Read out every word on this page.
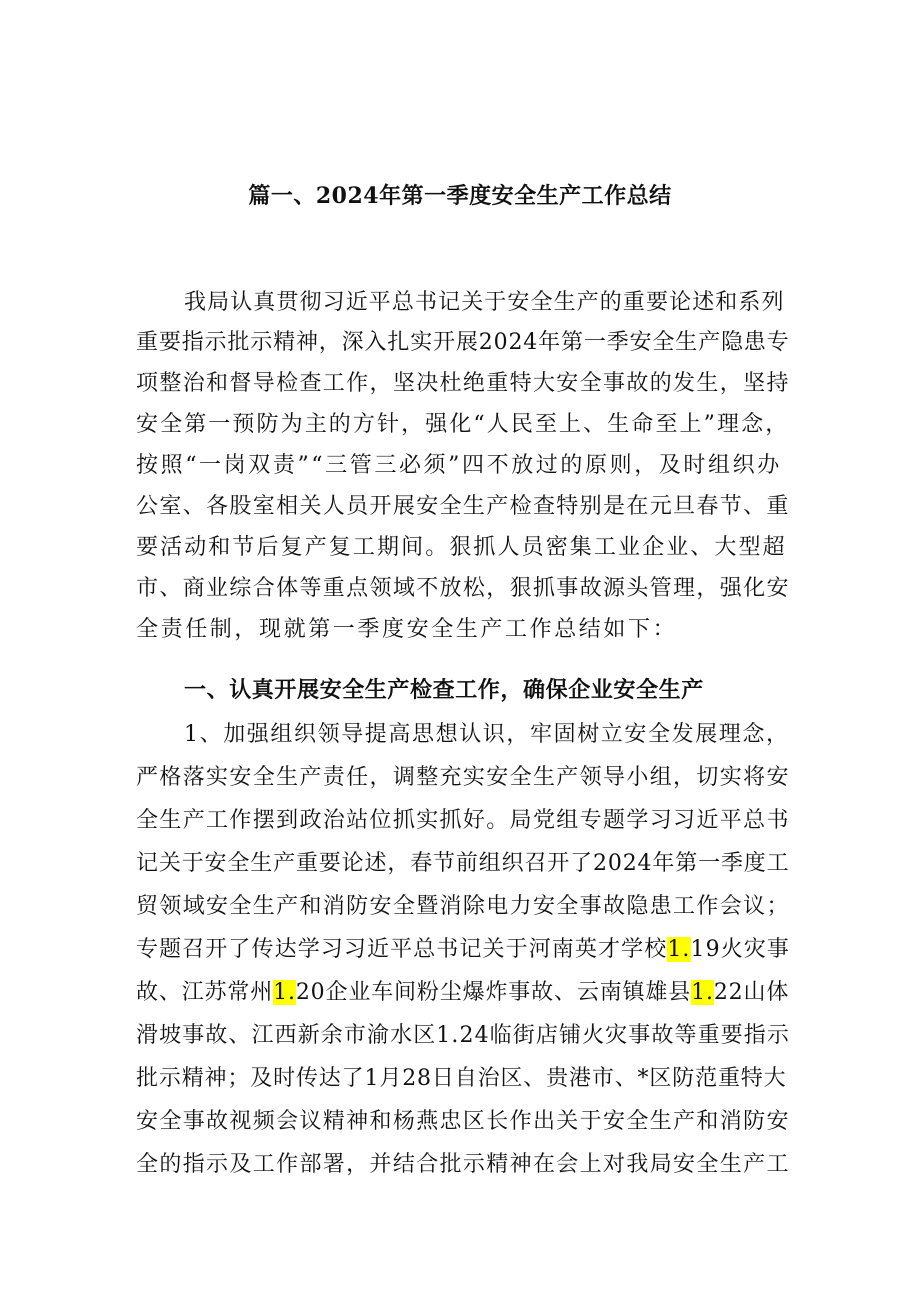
篇一、2024年第一季度安全生产工作总结
我局认真贯彻习近平总书记关于安全生产的重要论述和系列
重要指示批示精神，深入扎实开展2024年第一季安全生产隐患专
项整治和督导检查工作，坚决杜绝重特大安全事故的发生，坚持
安全第一预防为主的方针，强化“人民至上、生命至上”理念，
按照“一岗双责”“三管三必须”四不放过的原则，及时组织办
公室、各股室相关人员开展安全生产检查特别是在元旦春节、重
要活动和节后复产复工期间。狠抓人员密集工业企业、大型超
市、商业综合体等重点领域不放松，狠抓事故源头管理，强化安
全责任制，现就第一季度安全生产工作总结如下：
一、认真开展安全生产检查工作，确保企业安全生产
1、加强组织领导提高思想认识，牢固树立安全发展理念，
严格落实安全生产责任，调整充实安全生产领导小组，切实将安
全生产工作摆到政治站位抓实抓好。局党组专题学习习近平总书
记关于安全生产重要论述，春节前组织召开了2024年第一季度工
贸领域安全生产和消防安全暨消除电力安全事故隐患工作会议；
专题召开了传达学习习近平总书记关于河南英才学校1.19火灾事
故、江苏常州1.20企业车间粉尘爆炸事故、云南镇雄县1.22山体
滑坡事故、江西新余市渝水区1.24临街店铺火灾事故等重要指示
批示精神；及时传达了1月28日自治区、贵港市、*区防范重特大
安全事故视频会议精神和杨燕忠区长作出关于安全生产和消防安
全的指示及工作部署，并结合批示精神在会上对我局安全生产工
